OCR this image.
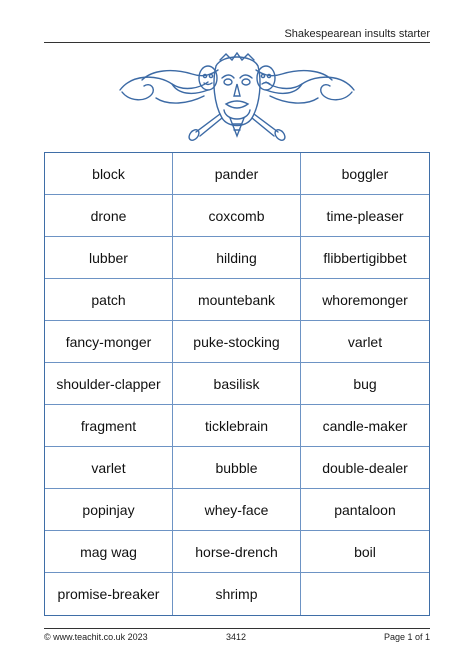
Shakespearean insults starter
block	pander	boggler
drone	coxcomb	time-pleaser
lubber	hilding	flibbertigibbet
patch	mountebank	whoremonger
fancy-monger	puke-stocking	varlet
shoulder-clapper	basilisk	bug
fragment	ticklebrain	candle-maker
varlet	bubble	double-dealer
popinjay	whey-face	pantaloon
mag wag	horse-drench	boil
promise-breaker	shrimp
© www.teachit.co.uk 2023	3412	Page 1 of 1
